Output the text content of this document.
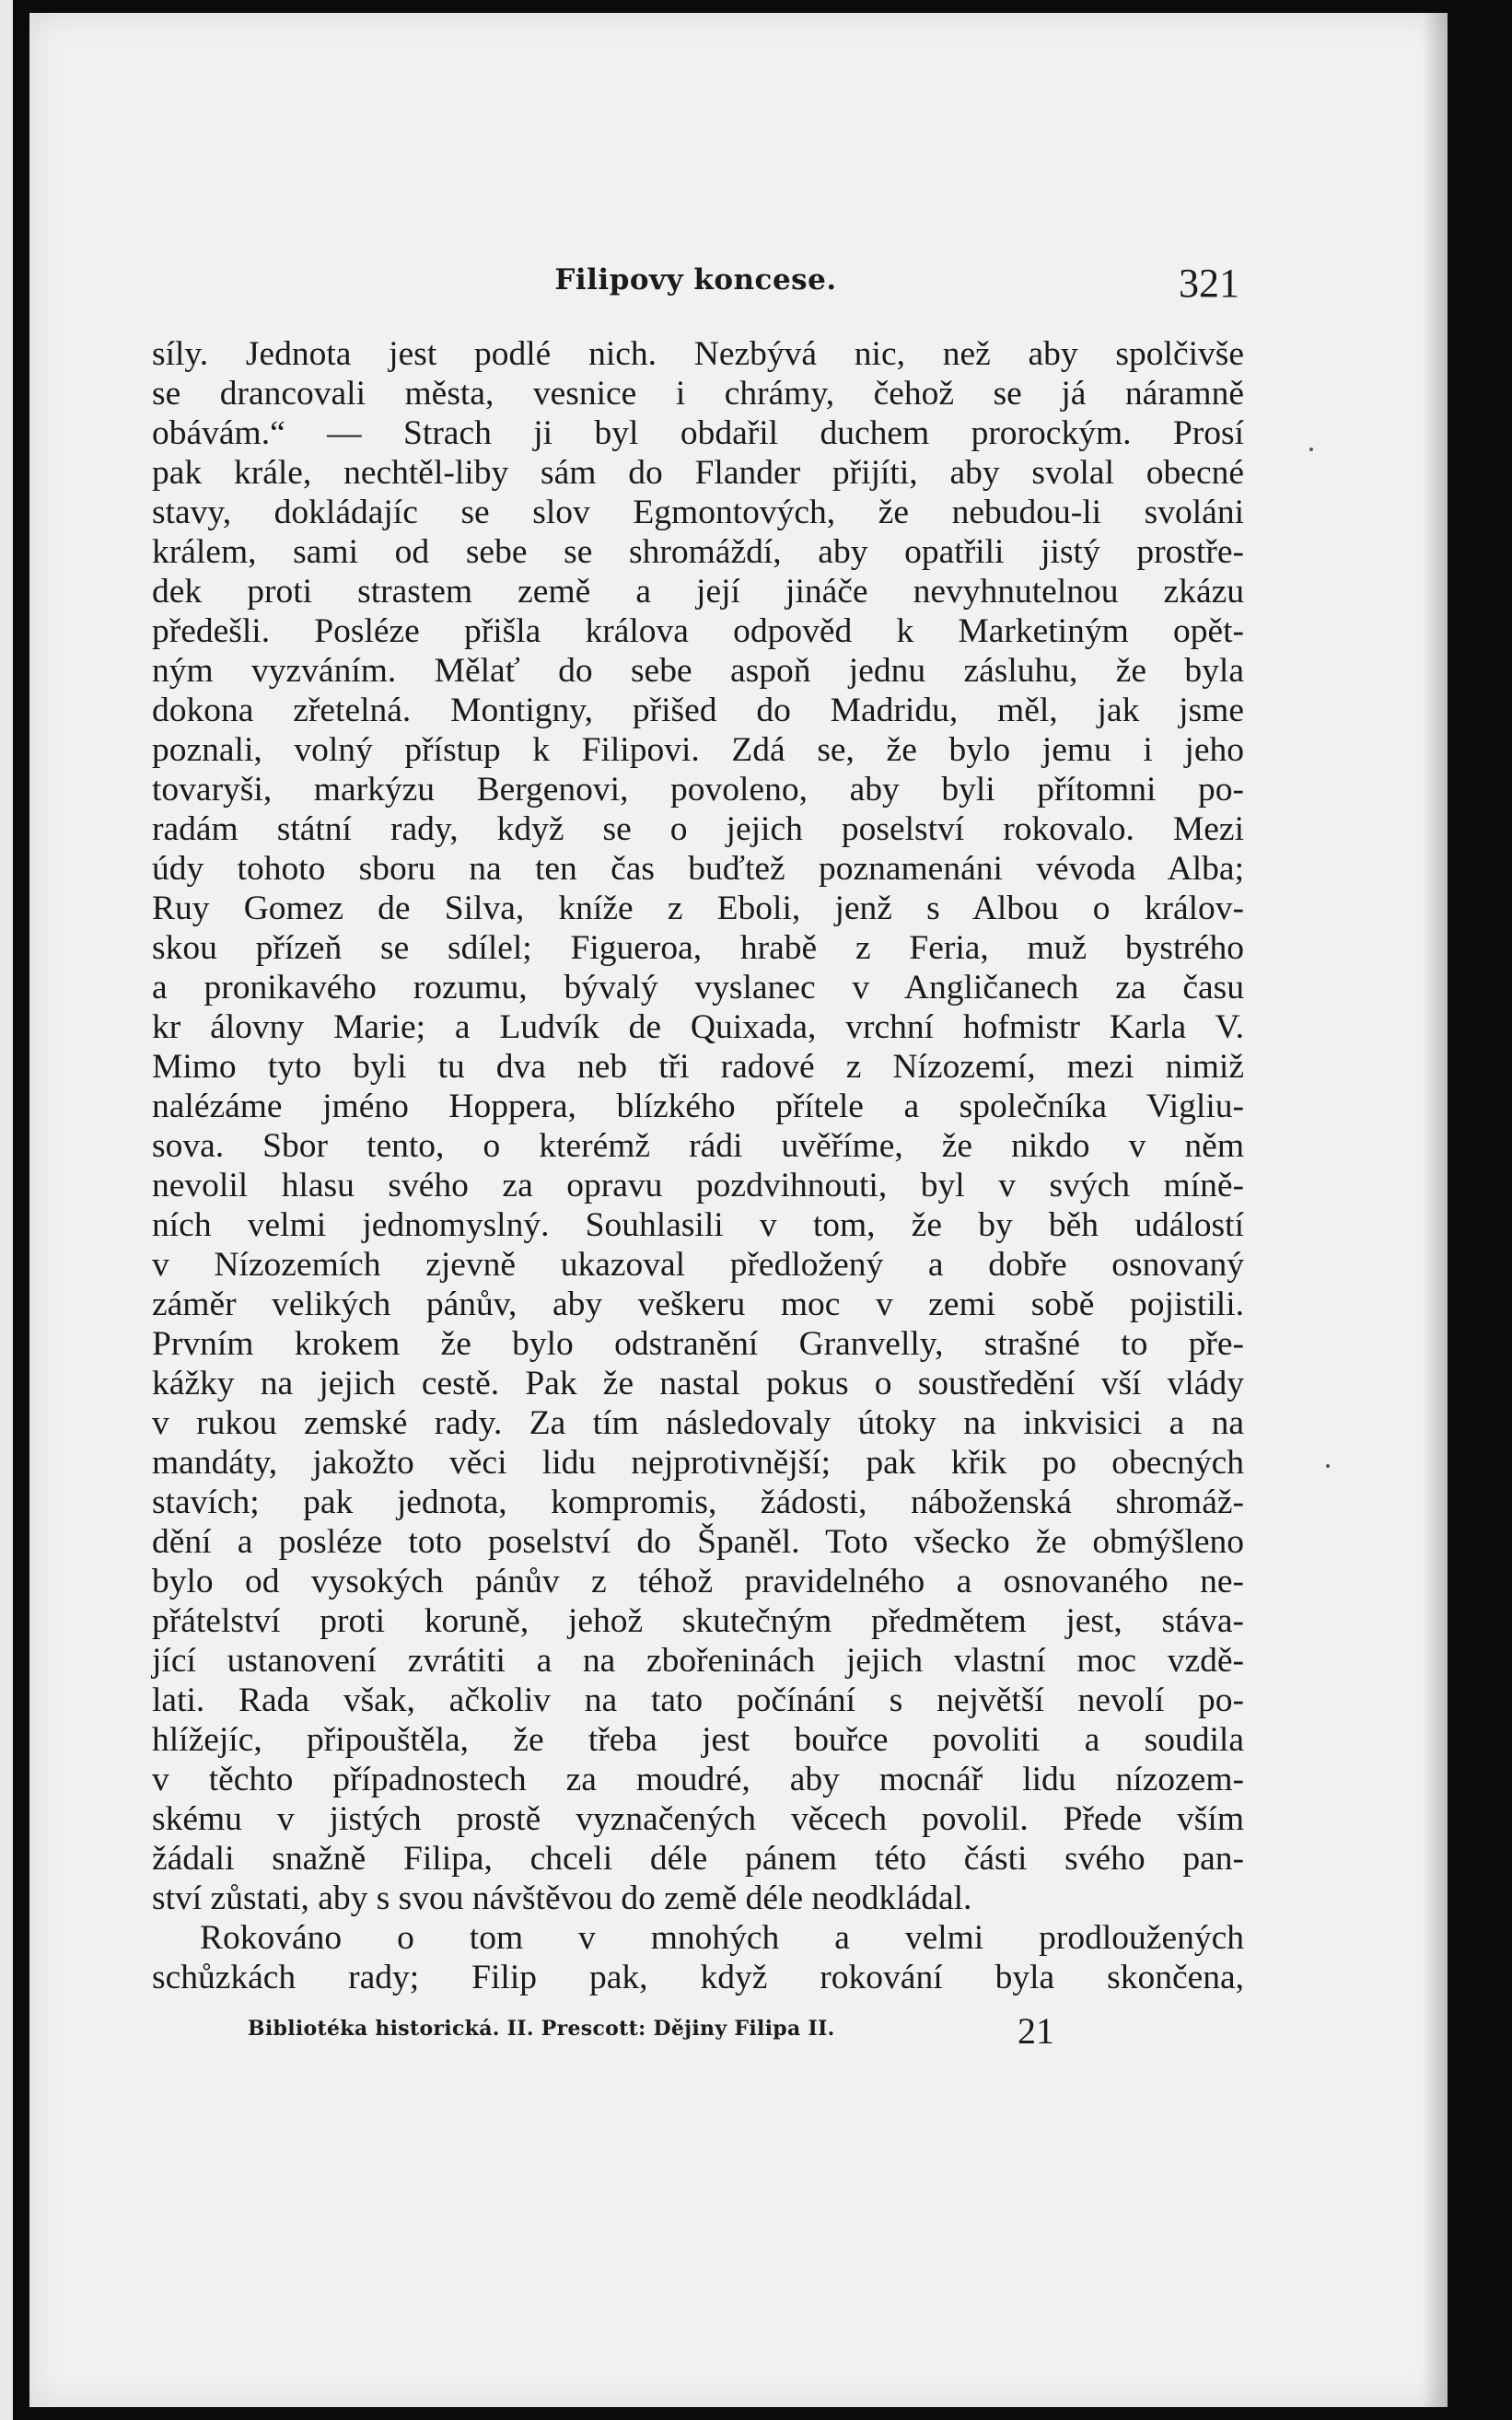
Filipovy koncese.	321
síly. Jednota jest podlé nich. Nezbývá nic, než aby spolčivše
se drancovali města, vesnice i chrámy, čehož se já náramně
obávám.“ — Strach ji byl obdařil duchem prorockým. Prosí
pak krále, nechtěl-liby sám do Flander přijíti, aby svolal obecné
stavy, dokládajíc se slov Egmontových, že nebudou-li svoláni
králem, sami od sebe se shromáždí, aby opatřili jistý prostře-
dek proti strastem země a její jináče nevyhnutelnou zkázu
předešli. Posléze přišla králova odpověd k Marketiným opět-
ným vyzváním. Mělať do sebe aspoň jednu zásluhu, že byla
dokona zřetelná. Montigny, přišed do Madridu, měl, jak jsme
poznali, volný přístup k Filipovi. Zdá se, že bylo jemu i jeho
tovaryši, markýzu Bergenovi, povoleno, aby byli přítomni po-
radám státní rady, když se o jejich poselství rokovalo. Mezi
údy tohoto sboru na ten čas buďtež poznamenáni vévoda Alba;
Ruy Gomez de Silva, kníže z Eboli, jenž s Albou o králov-
skou přízeň se sdílel; Figueroa, hrabě z Feria, muž bystrého
a pronikavého rozumu, bývalý vyslanec v Angličanech za času
kr álovny Marie; a Ludvík de Quixada, vrchní hofmistr Karla V.
Mimo tyto byli tu dva neb tři radové z Nízozemí, mezi nimiž
nalézáme jméno Hoppera, blízkého přítele a společníka Vigliu-
sova. Sbor tento, o kterémž rádi uvěříme, že nikdo v něm
nevolil hlasu svého za opravu pozdvihnouti, byl v svých míně-
ních velmi jednomyslný. Souhlasili v tom, že by běh událostí
v Nízozemích zjevně ukazoval předložený a dobře osnovaný
záměr velikých pánův, aby veškeru moc v zemi sobě pojistili.
Prvním krokem že bylo odstranění Granvelly, strašné to pře-
kážky na jejich cestě. Pak že nastal pokus o soustředění vší vlády
v rukou zemské rady. Za tím následovaly útoky na inkvisici a na
mandáty, jakožto věci lidu nejprotivnější; pak křik po obecných
stavích; pak jednota, kompromis, žádosti, náboženská shromáž-
dění a posléze toto poselství do Španěl. Toto všecko že obmýšleno
bylo od vysokých pánův z téhož pravidelného a osnovaného ne-
přátelství proti koruně, jehož skutečným předmětem jest, stáva-
jící ustanovení zvrátiti a na zbořeninách jejich vlastní moc vzdě-
lati. Rada však, ačkoliv na tato počínání s největší nevolí po-
hlížejíc, připouštěla, že třeba jest bouřce povoliti a soudila
v těchto případnostech za moudré, aby mocnář lidu nízozem-
skému v jistých prostě vyznačených věcech povolil. Přede vším
žádali snažně Filipa, chceli déle pánem této části svého pan-
ství zůstati, aby s svou návštěvou do země déle neodkládal.
Rokováno o tom v mnohých a velmi prodloužených
schůzkách rady; Filip pak, když rokování byla skončena,
Bibliotéka historická. II. Prescott: Dějiny Filipa II.	21
